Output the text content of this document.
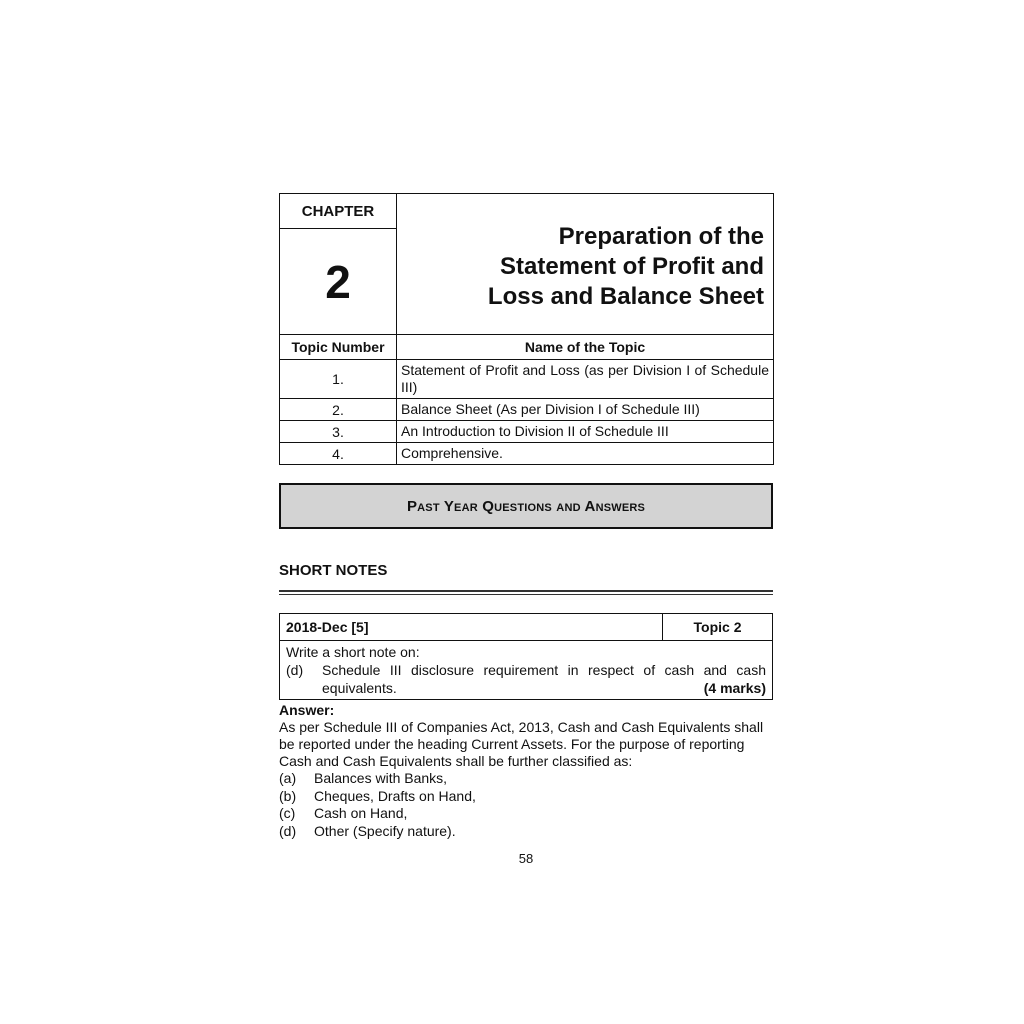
CHAPTER	Preparation of the
Statement of Profit and
Loss and Balance Sheet

2	
Topic Number	Name of the Topic
1.	Statement of Profit and Loss (as per Division I of Schedule III)
2.	Balance Sheet (As per Division I of Schedule III)
3.	An Introduction to Division II of Schedule III
4.	Comprehensive.
Past Year Questions and Answers
SHORT NOTES
2018-Dec [5]	Topic 2

Write a short note on:
(d)	Schedule III disclosure requirement in respect of cash and cash equivalents.	(4 marks)
Answer:
As per Schedule III of Companies Act, 2013, Cash and Cash Equivalents shall be reported under the heading Current Assets. For the purpose of reporting Cash and Cash Equivalents shall be further classified as:
(a)	Balances with Banks,
(b)	Cheques, Drafts on Hand,
(c)	Cash on Hand,
(d)	Other (Specify nature).
58
